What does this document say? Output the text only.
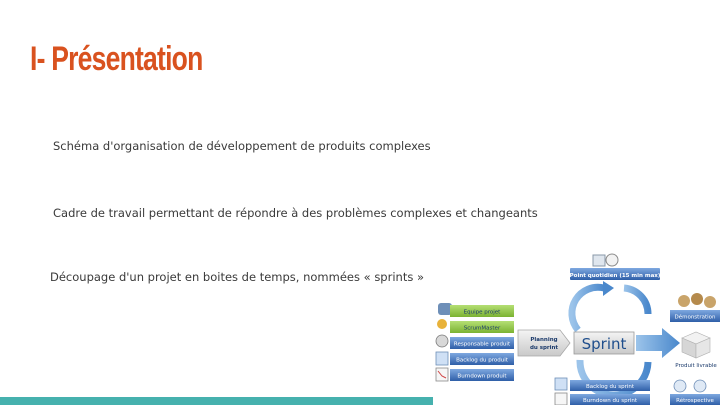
I- Présentation
Schéma d'organisation de développement de produits complexes
Cadre de travail permettant de répondre à des problèmes complexes et changeants
Découpage d'un projet en boites de temps, nommées « sprints »	Point quotidien (15 min max)
Equipe projet
ScrumMaster
Responsable produit
Backlog du produit
Burndown produit
Planning
du sprint Sprint
Démonstration
Produit livrable
Backlog du sprint
Burndown du sprint	Rétrospective
